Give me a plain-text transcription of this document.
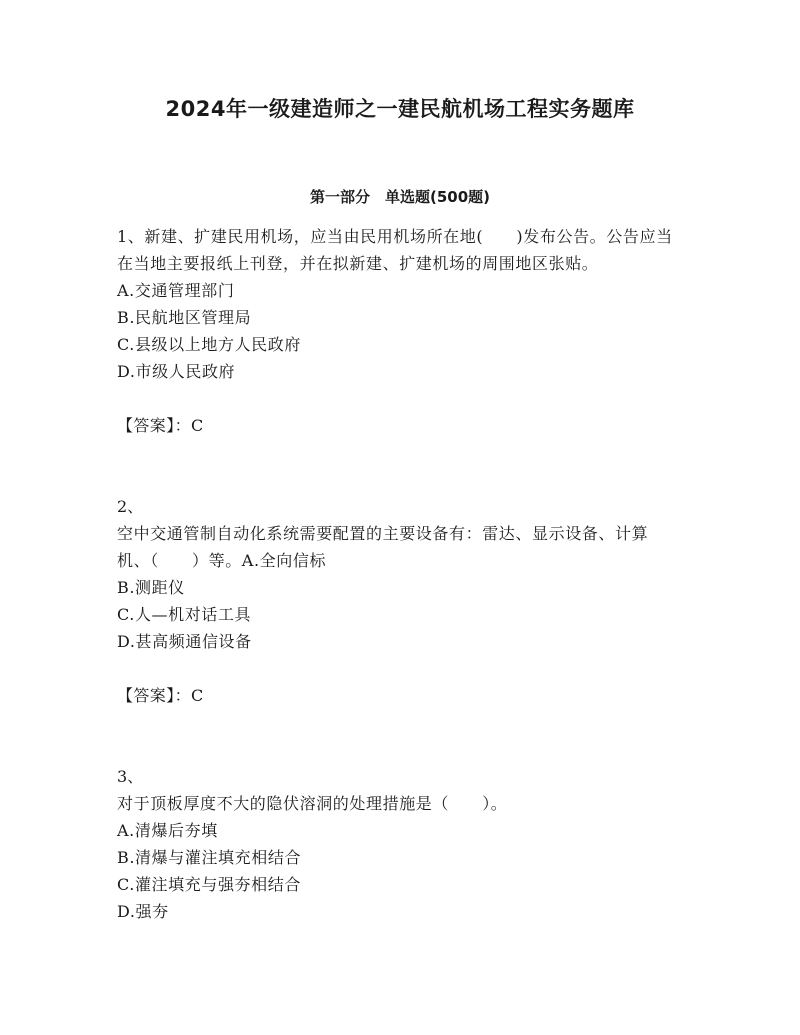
2024年一级建造师之一建民航机场工程实务题库
第一部分　单选题(500题)

1、新建、扩建民用机场，应当由民用机场所在地(　　)发布公告。公告应当在当地主要报纸上刊登，并在拟新建、扩建机场的周围地区张贴。

A.交通管理部门

B.民航地区管理局

C.县级以上地方人民政府

D.市级人民政府

【答案】：C

2、

空中交通管制自动化系统需要配置的主要设备有：雷达、显示设备、计算机、（　　）等。A.全向信标

B.测距仪

C.人—机对话工具

D.甚高频通信设备

【答案】：C

3、

对于顶板厚度不大的隐伏溶洞的处理措施是（　　）。

A.清爆后夯填

B.清爆与灌注填充相结合

C.灌注填充与强夯相结合

D.强夯
